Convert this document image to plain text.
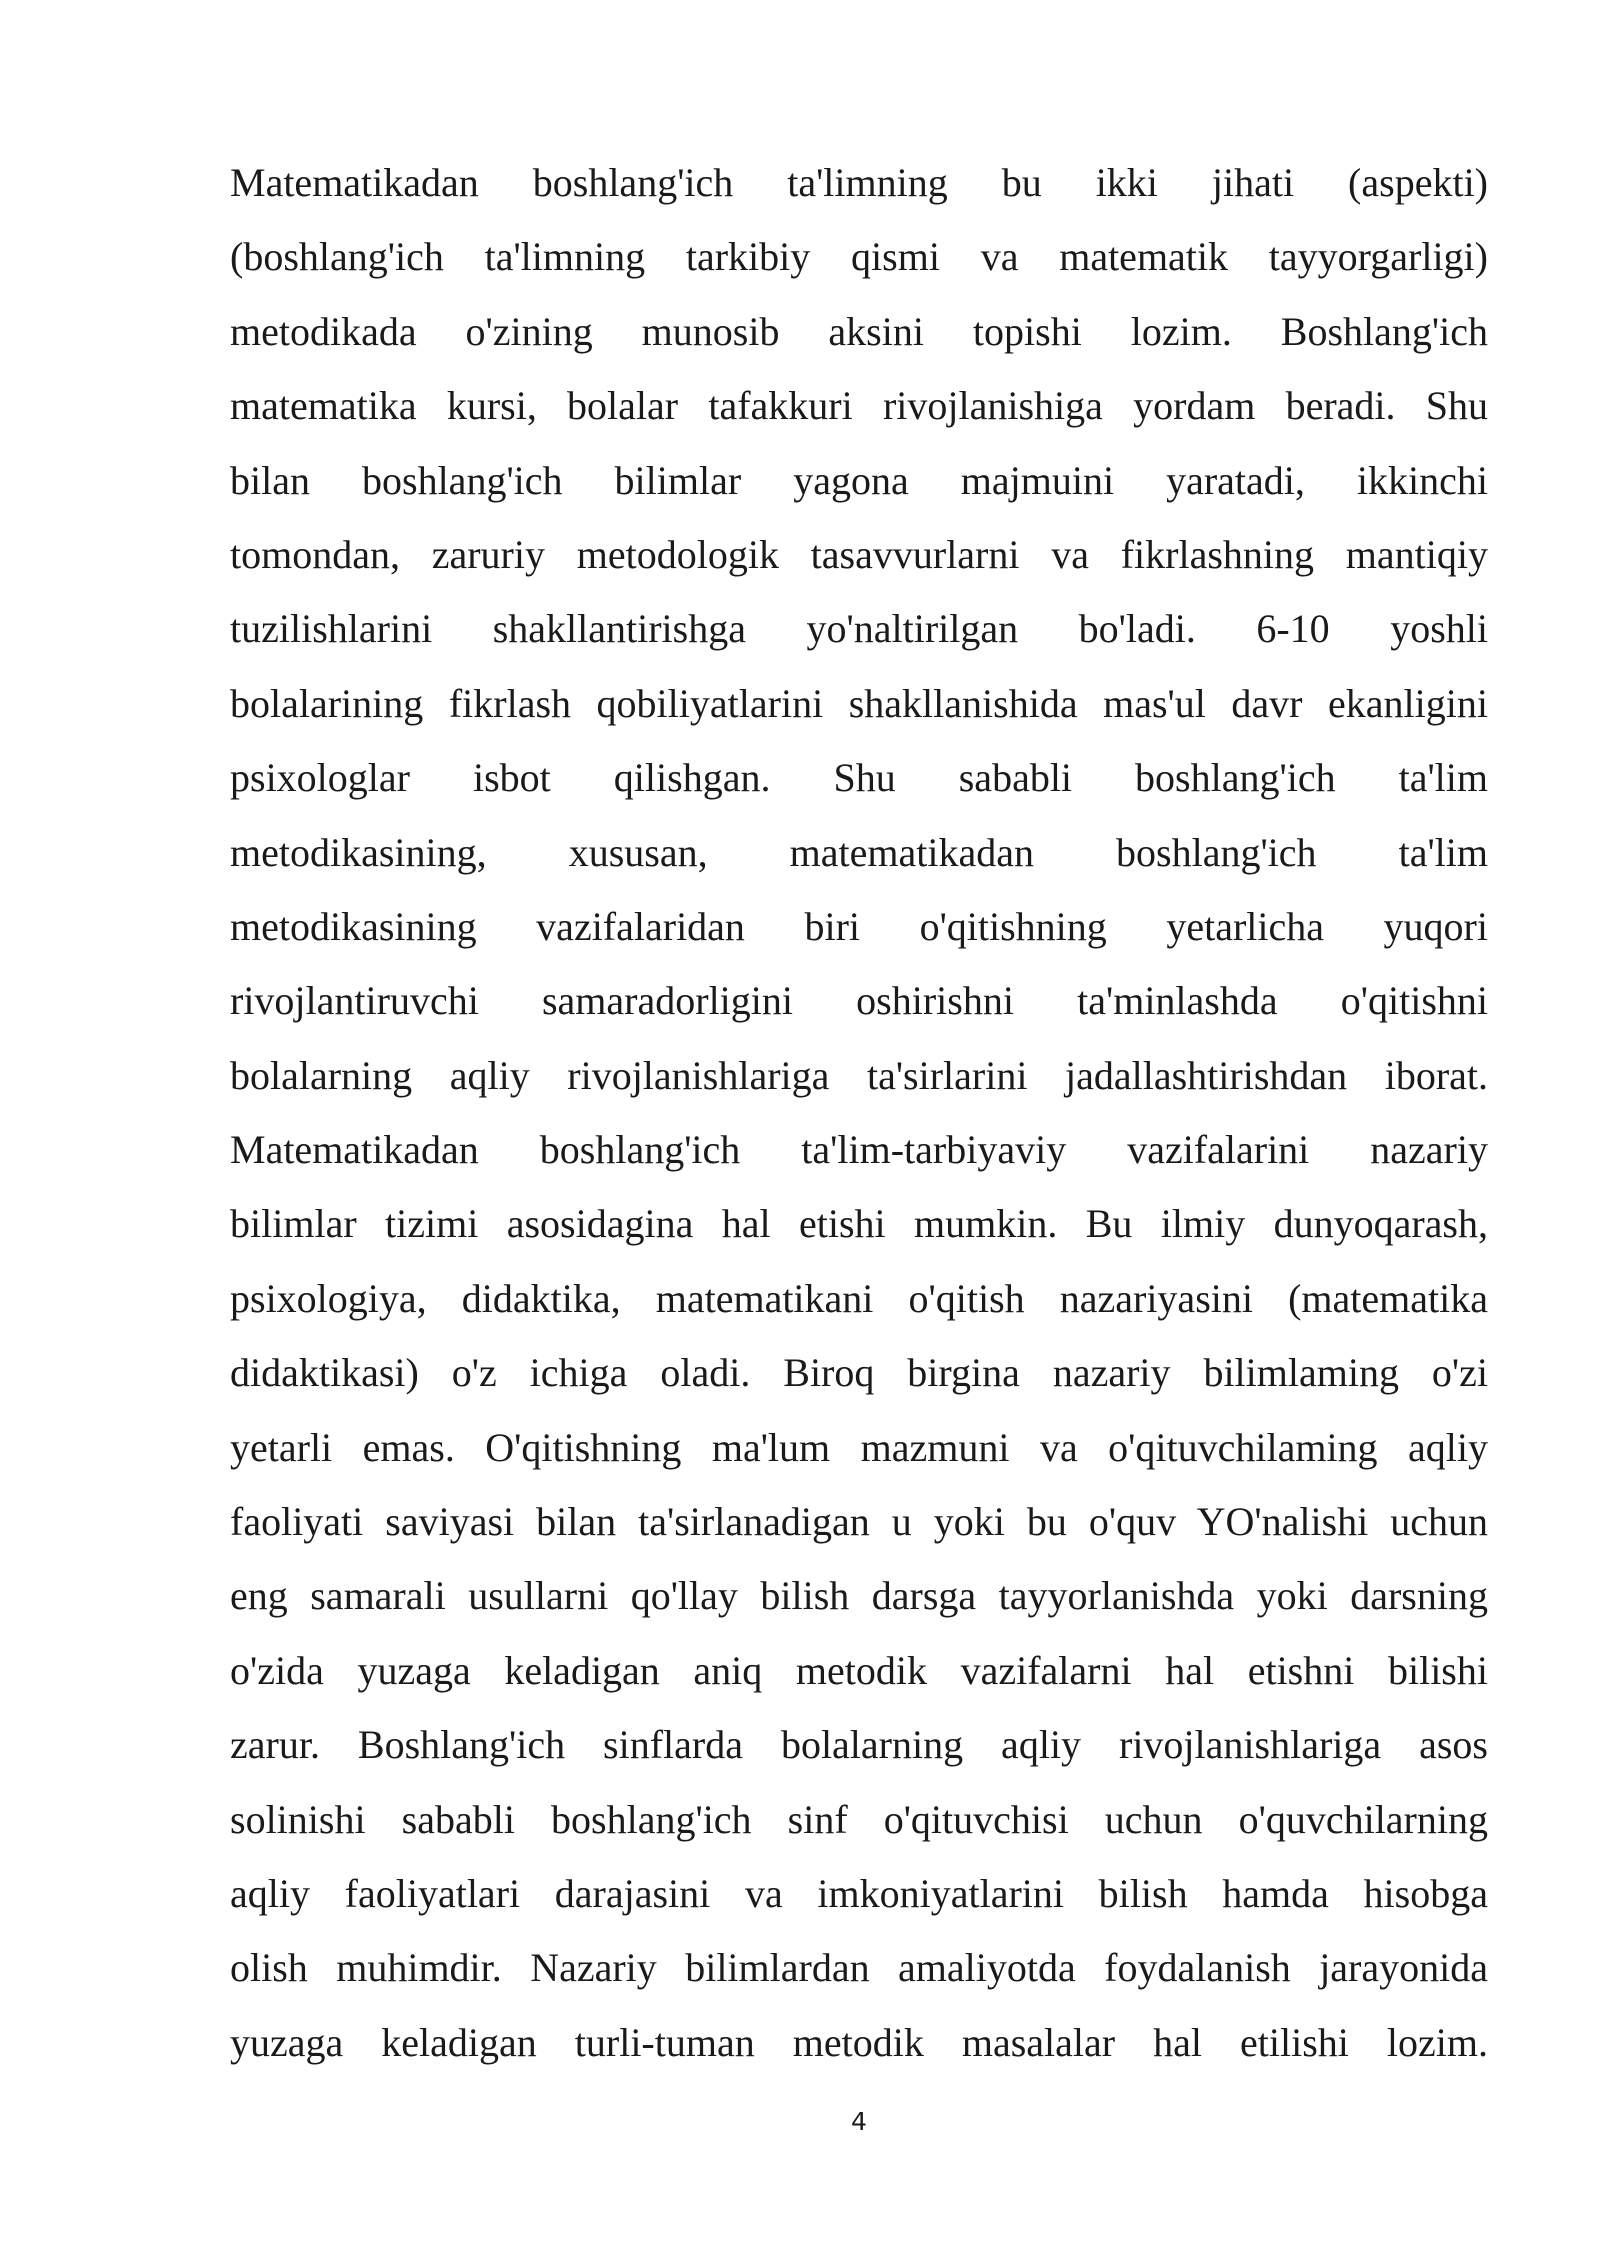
Matematikadan boshlang'ich ta'limning bu ikki jihati (aspekti)
(boshlang'ich ta'limning tarkibiy qismi va matematik tayyorgarligi)
metodikada o'zining munosib aksini topishi lozim. Boshlang'ich
matematika kursi, bolalar tafakkuri rivojlanishiga yordam beradi. Shu
bilan boshlang'ich bilimlar yagona majmuini yaratadi, ikkinchi
tomondan, zaruriy metodologik tasavvurlarni va fikrlashning mantiqiy
tuzilishlarini shakllantirishga yo'naltirilgan bo'ladi. 6-10 yoshli
bolalarining fikrlash qobiliyatlarini shakllanishida mas'ul davr ekanligini
psixologlar isbot qilishgan. Shu sababli boshlang'ich ta'lim
metodikasining, xususan, matematikadan boshlang'ich ta'lim
metodikasining vazifalaridan biri o'qitishning yetarlicha yuqori
rivojlantiruvchi samaradorligini oshirishni ta'minlashda o'qitishni
bolalarning aqliy rivojlanishlariga ta'sirlarini jadallashtirishdan iborat.
Matematikadan boshlang'ich ta'lim-tarbiyaviy vazifalarini nazariy
bilimlar tizimi asosidagina hal etishi mumkin. Bu ilmiy dunyoqarash,
psixologiya, didaktika, matematikani o'qitish nazariyasini (matematika
didaktikasi) o'z ichiga oladi. Biroq birgina nazariy bilimlaming o'zi
yetarli emas. O'qitishning ma'lum mazmuni va o'qituvchilaming aqliy
faoliyati saviyasi bilan ta'sirlanadigan u yoki bu o'quv YO'nalishi uchun
eng samarali usullarni qo'llay bilish darsga tayyorlanishda yoki darsning
o'zida yuzaga keladigan aniq metodik vazifalarni hal etishni bilishi
zarur. Boshlang'ich sinflarda bolalarning aqliy rivojlanishlariga asos
solinishi sababli boshlang'ich sinf o'qituvchisi uchun o'quvchilarning
aqliy faoliyatlari darajasini va imkoniyatlarini bilish hamda hisobga
olish muhimdir. Nazariy bilimlardan amaliyotda foydalanish jarayonida
yuzaga keladigan turli-tuman metodik masalalar hal etilishi lozim.
4
